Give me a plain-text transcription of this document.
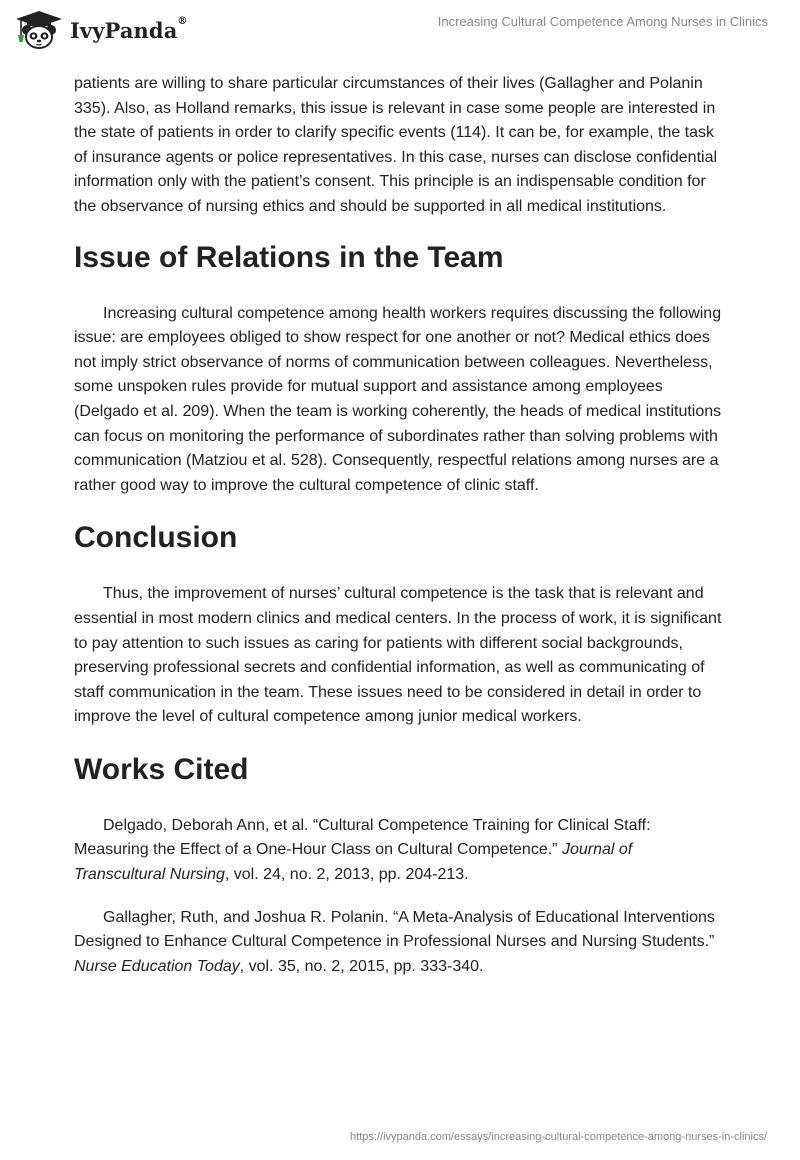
IvyPanda®	Increasing Cultural Competence Among Nurses in Clinics

patients are willing to share particular circumstances of their lives (Gallagher and Polanin 335). Also, as Holland remarks, this issue is relevant in case some people are interested in the state of patients in order to clarify specific events (114). It can be, for example, the task of insurance agents or police representatives. In this case, nurses can disclose confidential information only with the patient’s consent. This principle is an indispensable condition for the observance of nursing ethics and should be supported in all medical institutions.

Issue of Relations in the Team

Increasing cultural competence among health workers requires discussing the following issue: are employees obliged to show respect for one another or not? Medical ethics does not imply strict observance of norms of communication between colleagues. Nevertheless, some unspoken rules provide for mutual support and assistance among employees (Delgado et al. 209). When the team is working coherently, the heads of medical institutions can focus on monitoring the performance of subordinates rather than solving problems with communication (Matziou et al. 528). Consequently, respectful relations among nurses are a rather good way to improve the cultural competence of clinic staff.

Conclusion

Thus, the improvement of nurses’ cultural competence is the task that is relevant and essential in most modern clinics and medical centers. In the process of work, it is significant to pay attention to such issues as caring for patients with different social backgrounds, preserving professional secrets and confidential information, as well as communicating of staff communication in the team. These issues need to be considered in detail in order to improve the level of cultural competence among junior medical workers.

Works Cited

Delgado, Deborah Ann, et al. “Cultural Competence Training for Clinical Staff: Measuring the Effect of a One-Hour Class on Cultural Competence.” Journal of Transcultural Nursing, vol. 24, no. 2, 2013, pp. 204-213.

Gallagher, Ruth, and Joshua R. Polanin. “A Meta-Analysis of Educational Interventions Designed to Enhance Cultural Competence in Professional Nurses and Nursing Students.” Nurse Education Today, vol. 35, no. 2, 2015, pp. 333-340.

https://ivypanda.com/essays/increasing-cultural-competence-among-nurses-in-clinics/
